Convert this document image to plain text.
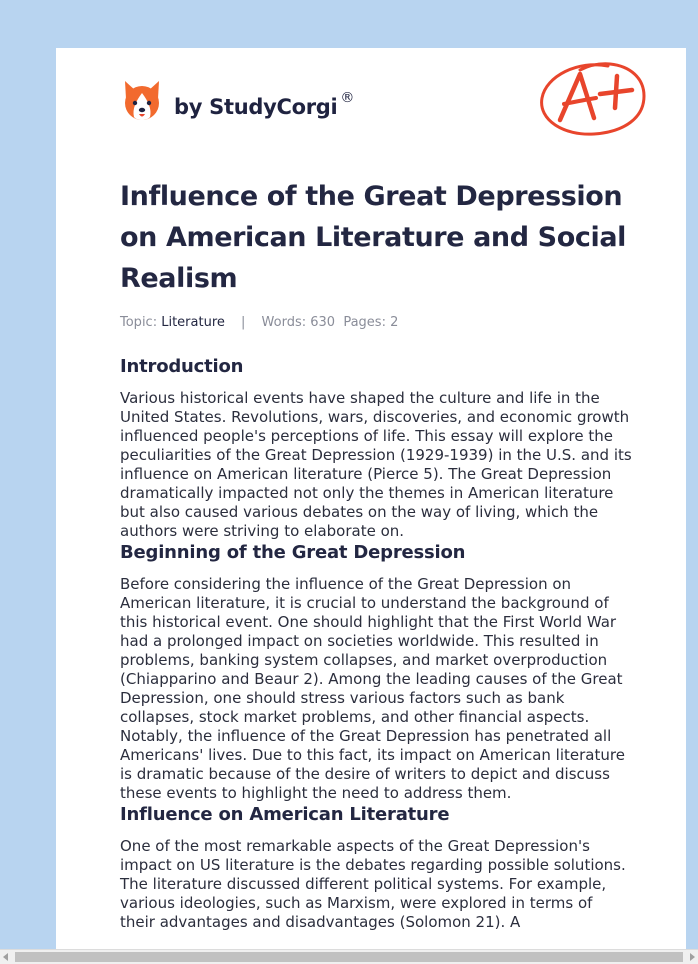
by StudyCorgi ®
Influence of the Great Depression on American Literature and Social Realism
Topic: Literature | Words: 630 Pages: 2
Introduction

Various historical events have shaped the culture and life in the United States. Revolutions, wars, discoveries, and economic growth influenced people's perceptions of life. This essay will explore the peculiarities of the Great Depression (1929-1939) in the U.S. and its influence on American literature (Pierce 5). The Great Depression dramatically impacted not only the themes in American literature but also caused various debates on the way of living, which the authors were striving to elaborate on.

Beginning of the Great Depression

Before considering the influence of the Great Depression on American literature, it is crucial to understand the background of this historical event. One should highlight that the First World War had a prolonged impact on societies worldwide. This resulted in problems, banking system collapses, and market overproduction (Chiapparino and Beaur 2). Among the leading causes of the Great Depression, one should stress various factors such as bank collapses, stock market problems, and other financial aspects. Notably, the influence of the Great Depression has penetrated all Americans' lives. Due to this fact, its impact on American literature is dramatic because of the desire of writers to depict and discuss these events to highlight the need to address them.

Influence on American Literature

One of the most remarkable aspects of the Great Depression's impact on US literature is the debates regarding possible solutions. The literature discussed different political systems. For example, various ideologies, such as Marxism, were explored in terms of their advantages and disadvantages (Solomon 21). A
